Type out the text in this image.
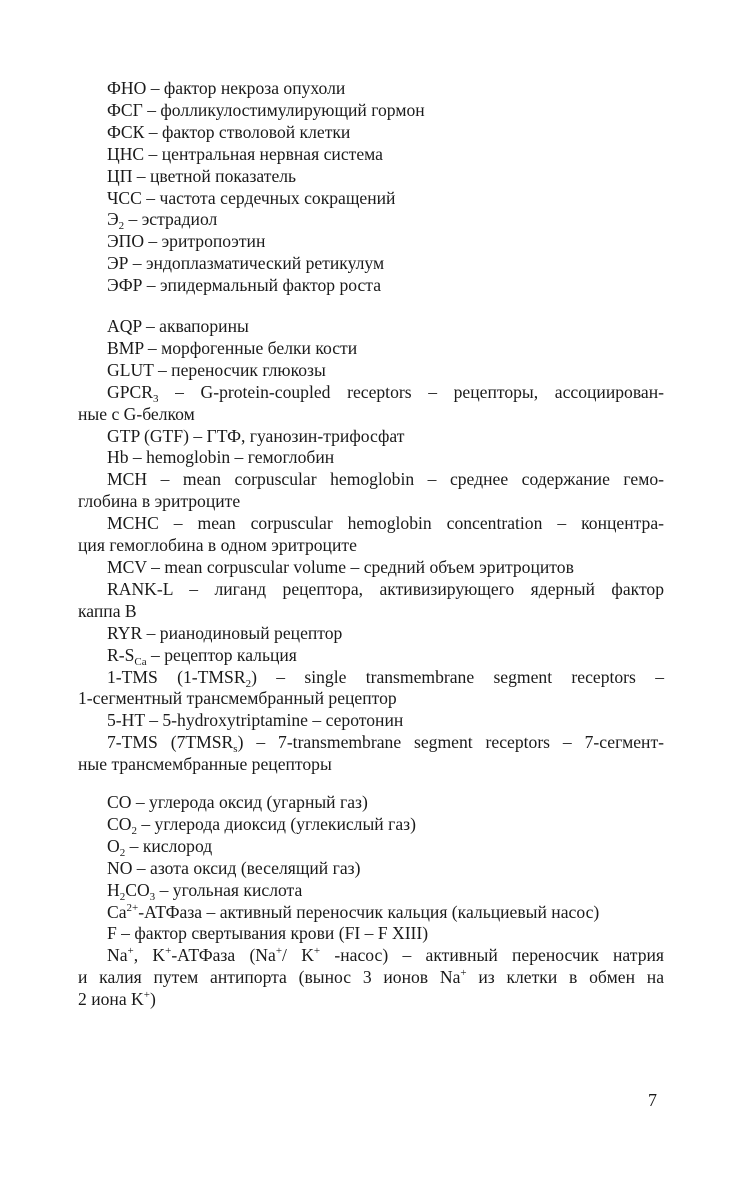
ФНО – фактор некроза опухоли
ФСГ – фолликулостимулирующий гормон
ФСК – фактор стволовой клетки
ЦНС – центральная нервная система
ЦП – цветной показатель
ЧСС – частота сердечных сокращений
$Э_2$ – эстрадиол
ЭПО – эритропоэтин
ЭР – эндоплазматический ретикулум
ЭФР – эпидермальный фактор роста
AQP – аквапорины
BMP – морфогенные белки кости
GLUT – переносчик глюкозы
$GPCR_3$ – G-protein-coupled receptors – рецепторы, ассоциирован-
ные с G-белком
GTP (GTF) – ГТФ, гуанозин-трифосфат
Hb – hemoglobin – гемоглобин
MCH – mean corpuscular hemoglobin – среднее содержание гемо-
глобина в эритроците
MCHC – mean corpuscular hemoglobin concentration – концентра-
ция гемоглобина в одном эритроците
MCV – mean corpuscular volume – средний объем эритроцитов
RANK-L – лиганд рецептора, активизирующего ядерный фактор
каппа B
RYR – рианодиновый рецептор
$R-S_{Ca}$ – рецептор кальция
1-TMS $(1-TMSR_2)$ – single transmembrane segment receptors –
1-сегментный трансмембранный рецептор
5-HT – 5-hydroxytriptamine – серотонин
7-TMS $(7TMSR_s)$ – 7-transmembrane segment receptors – 7-сегмент-
ные трансмембранные рецепторы
CO – углерода оксид (угарный газ)
$CO_2$ – углерода диоксид (углекислый газ)
$O_2$ – кислород
NO – азота оксид (веселящий газ)
$H_2CO_3$ – угольная кислота
$Ca^{2+}$-АТФаза – активный переносчик кальция (кальциевый насос)
F – фактор свертывания крови (FI – F XIII)
Na+, K+-АТФаза (Na+/ K+ -насос) – активный переносчик натрия
и калия путем антипорта (вынос 3 ионов Na+ из клетки в обмен на
2 иона K+)
7
